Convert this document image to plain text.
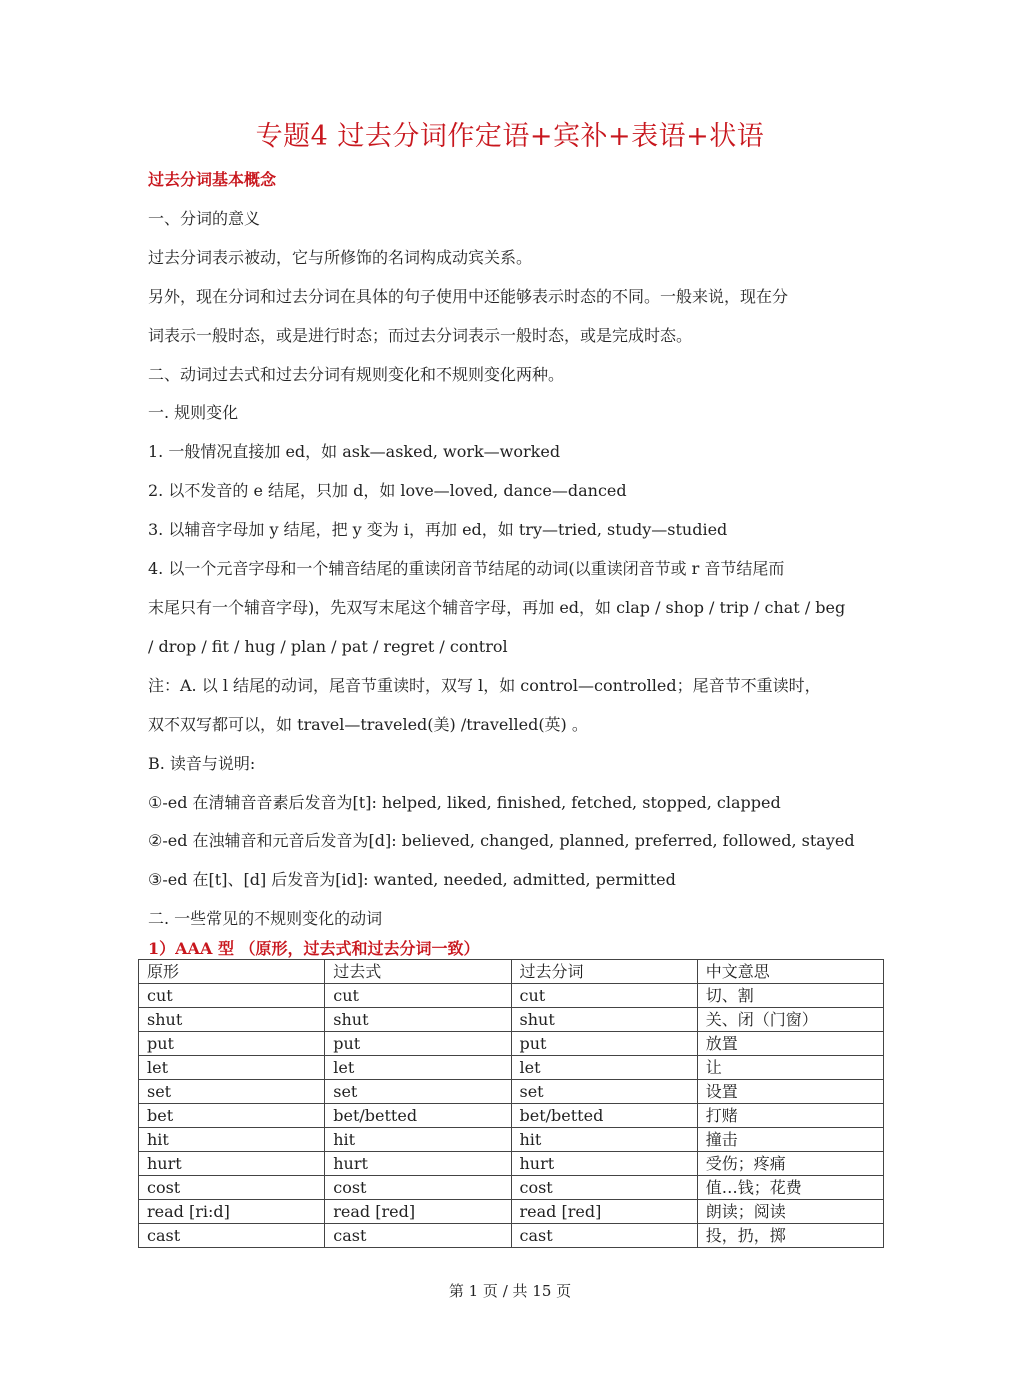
专题4 过去分词作定语+宾补+表语+状语

过去分词基本概念

一、分词的意义

过去分词表示被动，它与所修饰的名词构成动宾关系。

另外，现在分词和过去分词在具体的句子使用中还能够表示时态的不同。一般来说，现在分

词表示一般时态，或是进行时态；而过去分词表示一般时态，或是完成时态。

二、动词过去式和过去分词有规则变化和不规则变化两种。

一. 规则变化

1. 一般情况直接加 ed，如 ask—asked, work—worked

2. 以不发音的 e 结尾，只加 d，如 love—loved, dance—danced

3. 以辅音字母加 y 结尾，把 y 变为 i，再加 ed，如 try—tried, study—studied

4. 以一个元音字母和一个辅音结尾的重读闭音节结尾的动词(以重读闭音节或 r 音节结尾而

末尾只有一个辅音字母)，先双写末尾这个辅音字母，再加 ed，如 clap / shop / trip / chat / beg

/ drop / fit / hug / plan / pat / regret / control

注：A. 以 l 结尾的动词，尾音节重读时，双写 l，如 control—controlled；尾音节不重读时，

双不双写都可以，如 travel—traveled(美) /travelled(英) 。

B. 读音与说明:

①-ed 在清辅音音素后发音为[t]: helped, liked, finished, fetched, stopped, clapped

②-ed 在浊辅音和元音后发音为[d]: believed, changed, planned, preferred, followed, stayed

③-ed 在[t]、[d] 后发音为[id]: wanted, needed, admitted, permitted

二. 一些常见的不规则变化的动词

1）AAA 型 （原形，过去式和过去分词一致）
原形	过去式	过去分词	中文意思
cut	cut	cut	切、割
shut	shut	shut	关、闭（门窗）
put	put	put	放置
let	let	let	让
set	set	set	设置
bet	bet/betted	bet/betted	打赌
hit	hit	hit	撞击
hurt	hurt	hurt	受伤；疼痛
cost	cost	cost	值…钱；花费
read [ri:d]	read [red]	read [red]	朗读；阅读
cast	cast	cast	投，扔，掷
第 1 页 / 共 15 页
